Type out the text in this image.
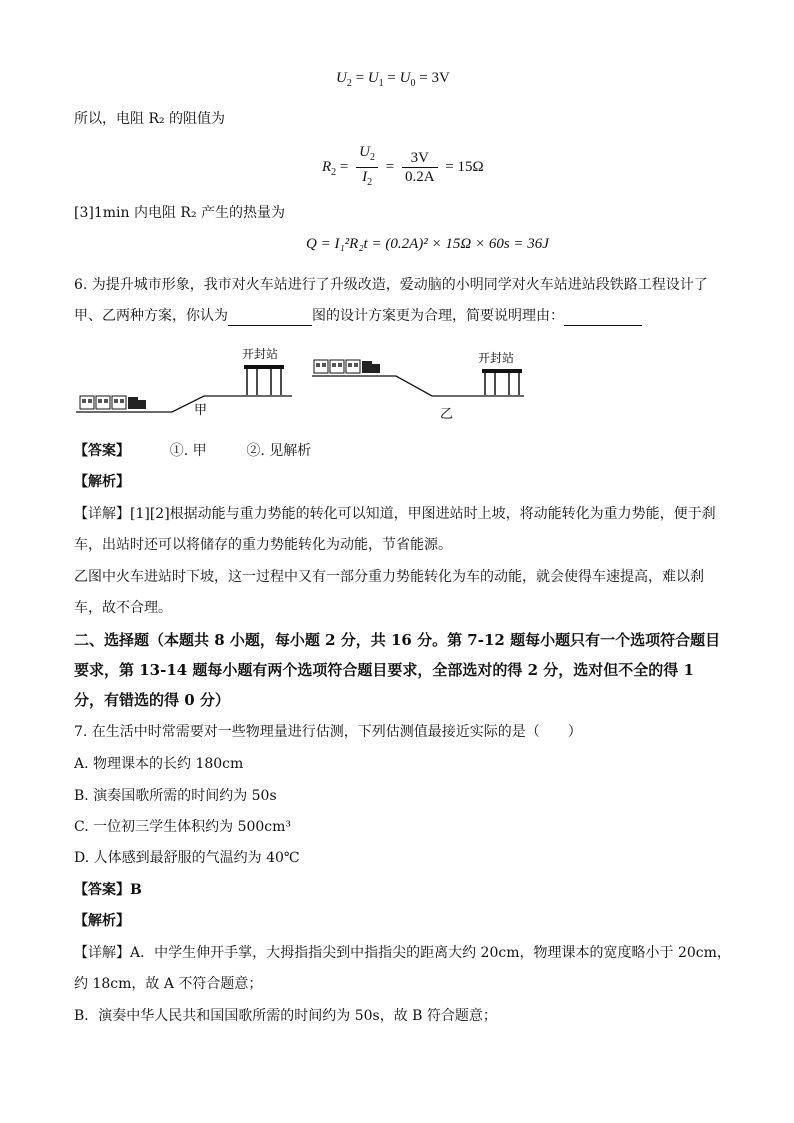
$U_2 = U_1 = U_0 = 3V$
所以，电阻 R₂ 的阻值为
$R_2 = \frac{U_2}{I_2} = \frac{3V}{0.2A} = 15\Omega$
[3]1min 内电阻 R₂ 产生的热量为
Q = I₁²R₂t = (0.2A)² × 15Ω × 60s = 36J
6. 为提升城市形象，我市对火车站进行了升级改造，爱动脑的小明同学对火车站进站段铁路工程设计了
甲、乙两种方案，你认为	图的设计方案更为合理，简要说明理由：
甲
开封站
乙
开封站
【答案】	①. 甲	②. 见解析
【解析】
【详解】[1][2]根据动能与重力势能的转化可以知道，甲图进站时上坡，将动能转化为重力势能，便于刹
车，出站时还可以将储存的重力势能转化为动能，节省能源。
乙图中火车进站时下坡，这一过程中又有一部分重力势能转化为车的动能，就会使得车速提高，难以刹
车，故不合理。
二、选择题（本题共 8 小题，每小题 2 分，共 16 分。第 7-12 题每小题只有一个选项符合题目
要求，第 13-14 题每小题有两个选项符合题目要求，全部选对的得 2 分，选对但不全的得 1
分，有错选的得 0 分）
7. 在生活中时常需要对一些物理量进行估测，下列估测值最接近实际的是（　　）
A. 物理课本的长约 180cm
B. 演奏国歌所需的时间约为 50s
C. 一位初三学生体积约为 500cm³
D. 人体感到最舒服的气温约为 40℃
【答案】B
【解析】
【详解】A．中学生伸开手掌，大拇指指尖到中指指尖的距离大约 20cm，物理课本的宽度略小于 20cm，
约 18cm，故 A 不符合题意；
B．演奏中华人民共和国国歌所需的时间约为 50s，故 B 符合题意；
